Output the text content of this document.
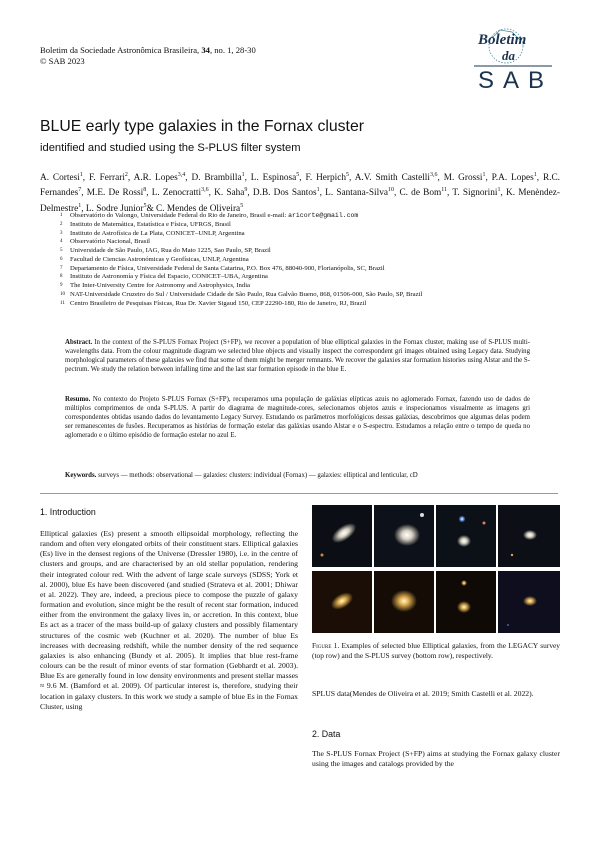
Boletim da Sociedade Astronômica Brasileira, 34, no. 1, 28-30
© SAB 2023
Boletim
da
SAB
BLUE early type galaxies in the Fornax cluster
identified and studied using the S-PLUS filter system
A. Cortesi$^1$, F. Ferrari$^2$, A.R. Lopes$^{3,4}$, D. Brambilla$^1$, L. Espinosa$^5$, F. Herpich$^5$, A.V. Smith Castelli$^{3,6}$, M. Grossi$^1$, P.A. Lopes$^1$, R.C. Fernandes$^7$, M.E. De Rossi$^8$, L. Zenocratti$^{3,6}$, K. Saha$^9$, D.B. Dos Santos$^1$, L. Santana-Silva$^{10}$, C. de Bom$^{11}$, T. Signorini$^1$, K. Menèndez-Delmestre$^1$, L. Sodre Junior$^5$& C. Mendes de Oliveira$^5$
1 Observatório do Valongo, Universidade Federal do Rio de Janeiro, Brasil e-mail: aricorte@gmail.com
2 Instituto de Matemática, Estatística e Física, UFRGS, Brasil
3 Instituto de Astrofísica de La Plata, CONICET–UNLP, Argentina
4 Observatório Nacional, Brasil
5 Universidade de São Paulo, IAG, Rua do Mato 1225, Sao Paulo, SP, Brazil
6 Facultad de Ciencias Astronómicas y Geofísicas, UNLP, Argentina
7 Departamento de Física, Universidade Federal de Santa Catarina, P.O. Box 476, 88040-900, Florianópolis, SC, Brazil
8 Instituto de Astronomía y Física del Espacio, CONICET–UBA, Argentina
9 The Inter-University Centre for Astronomy and Astrophysics, India
10 NAT-Universidade Cruzeiro do Sul / Universidade Cidade de São Paulo, Rua Galvão Bueno, 868, 01506-000, São Paulo, SP, Brazil
11 Centro Brasileiro de Pesquisas Físicas, Rua Dr. Xavier Sigaud 150, CEP 22290-180, Rio de Janeiro, RJ, Brazil
Abstract. In the context of the S-PLUS Fornax Project (S+FP), we recover a population of blue elliptical galaxies in the Fornax cluster, making use of S-PLUS multi-wavelengths data. From the colour magnitude diagram we selected blue objects and visually inspect the correspondent gri images obtained using Legacy data. Studying morphological parameters of these galaxies we find that some of them might be merger remnants. We recover the galaxies star formation histories using Alstar and the S-pectrum. We study the relation between infalling time and the last star formation episode in the blue E.
Resumo. No contexto do Projeto S-PLUS Fornax (S+FP), recuperamos uma população de galáxias elípticas azuis no aglomerado Fornax, fazendo uso de dados de múltiplos comprimentos de onda S-PLUS. A partir do diagrama de magnitude-cores, selecionamos objetos azuis e inspecionamos visualmente as imagens gri correspondentes obtidas usando dados do levantamento Legacy Survey. Estudando os parâmetros morfológicos dessas galáxias, descobrimos que algumas delas podem ser remanescentes de fusões. Recuperamos as histórias de formação estelar das galáxias usando Alstar e o S-espectro. Estudamos a relação entre o tempo de queda no aglomerado e o último episódio de formação estelar no azul E.
Keywords. surveys — methods: observational — galaxies: clusters: individual (Fornax) — galaxies: elliptical and lenticular, cD
1. Introduction
Elliptical galaxies (Es) present a smooth ellipsoidal morphology, reflecting the random and often very elongated orbits of their constituent stars. Elliptical galaxies (Es) live in the densest regions of the Universe (Dressler 1980), i.e. in the centre of clusters and groups, and are characterised by an old stellar population, rendering their integrated colour red. With the advent of large scale surveys (SDSS; York et al. 2000), blue Es have been discovered (and studied (Strateva et al. 2001; Dhiwar et al. 2022). They are, indeed, a precious piece to compose the puzzle of galaxy formation and evolution, since might be the result of recent star formation, induced either from the environment the galaxy lives in, or accretion. In this context, blue Es act as a tracer of the mass build-up of galaxy clusters and possibly filamentary structures of the cosmic web (Kuchner et al. 2020). The number of blue Es increases with decreasing redshift, while the number density of the red sequence galaxies is also enhancing (Bundy et al. 2005). It implies that blue rest-frame colours can be the result of minor events of star formation (Gebhardt et al. 2003). Blue Es are generally found in low density environments and present stellar masses ≈ 9.6 M. (Bamford et al. 2009). Of particular interest is, therefore, studying their location in galaxy clusters. In this work we study a sample of blue Es in the Fornax Cluster, using
Figure 1. Examples of selected blue Elliptical galaxies, from the LEGACY survey (top row) and the S-PLUS survey (bottom row), respectively.
SPLUS data(Mendes de Oliveira et al. 2019; Smith Castelli et al. 2022).
2. Data
The S-PLUS Fornax Project (S+FP) aims at studying the Fornax galaxy cluster using the images and catalogs provided by the
